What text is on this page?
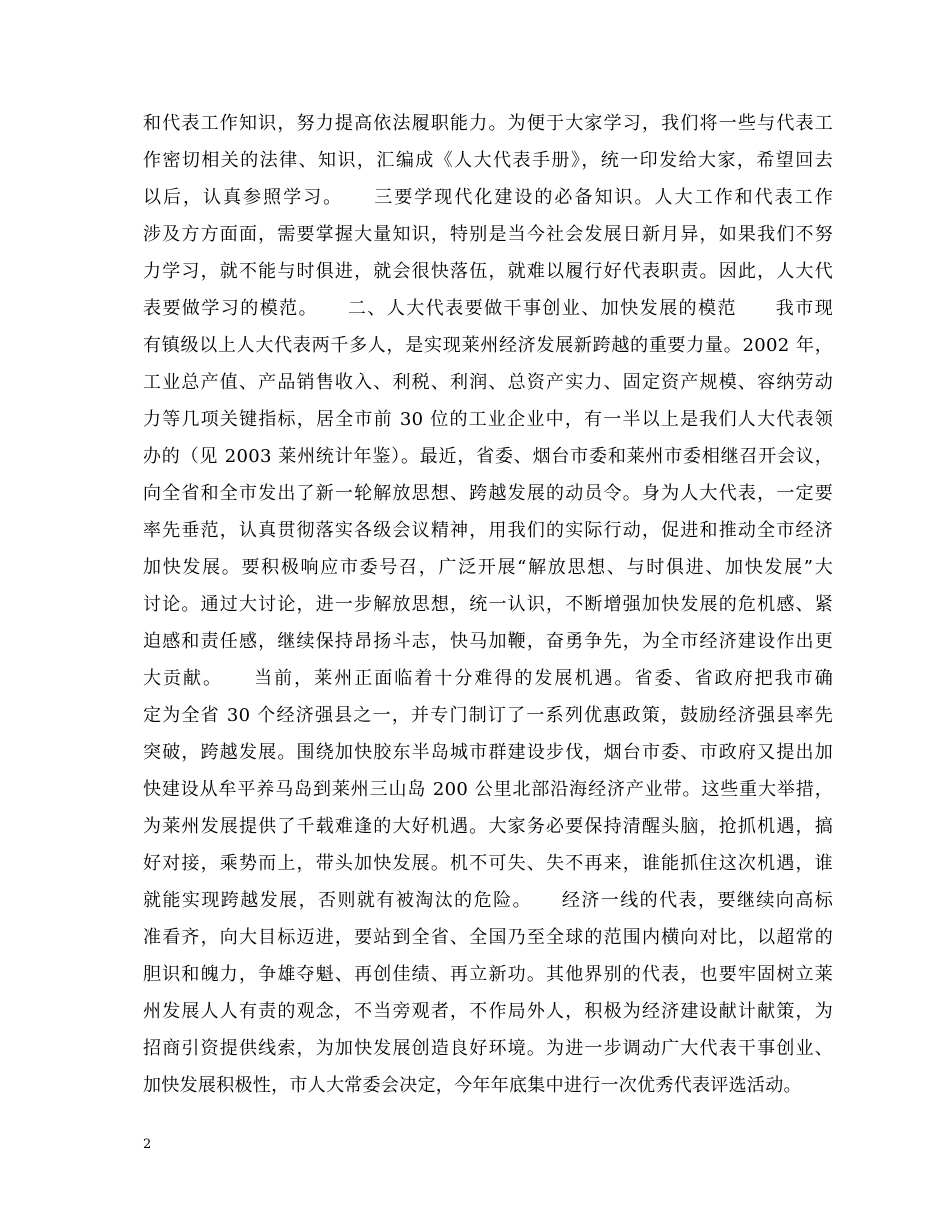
和代表工作知识，努力提高依法履职能力。为便于大家学习，我们将一些与代表工
作密切相关的法律、知识，汇编成《人大代表手册》，统一印发给大家，希望回去
以后，认真参照学习。　　三要学现代化建设的必备知识。人大工作和代表工作
涉及方方面面，需要掌握大量知识，特别是当今社会发展日新月异，如果我们不努
力学习，就不能与时俱进，就会很快落伍，就难以履行好代表职责。因此，人大代
表要做学习的模范。　　二、人大代表要做干事创业、加快发展的模范　　我市现
有镇级以上人大代表两千多人，是实现莱州经济发展新跨越的重要力量。2002 年，
工业总产值、产品销售收入、利税、利润、总资产实力、固定资产规模、容纳劳动
力等几项关键指标，居全市前 30 位的工业企业中，有一半以上是我们人大代表领
办的（见 2003 莱州统计年鉴）。最近，省委、烟台市委和莱州市委相继召开会议，
向全省和全市发出了新一轮解放思想、跨越发展的动员令。身为人大代表，一定要
率先垂范，认真贯彻落实各级会议精神，用我们的实际行动，促进和推动全市经济
加快发展。要积极响应市委号召，广泛开展“解放思想、与时俱进、加快发展”大
讨论。通过大讨论，进一步解放思想，统一认识，不断增强加快发展的危机感、紧
迫感和责任感，继续保持昂扬斗志，快马加鞭，奋勇争先，为全市经济建设作出更
大贡献。　　当前，莱州正面临着十分难得的发展机遇。省委、省政府把我市确
定为全省 30 个经济强县之一，并专门制订了一系列优惠政策，鼓励经济强县率先
突破，跨越发展。围绕加快胶东半岛城市群建设步伐，烟台市委、市政府又提出加
快建设从牟平养马岛到莱州三山岛 200 公里北部沿海经济产业带。这些重大举措，
为莱州发展提供了千载难逢的大好机遇。大家务必要保持清醒头脑，抢抓机遇，搞
好对接，乘势而上，带头加快发展。机不可失、失不再来，谁能抓住这次机遇，谁
就能实现跨越发展，否则就有被淘汰的危险。　　经济一线的代表，要继续向高标
准看齐，向大目标迈进，要站到全省、全国乃至全球的范围内横向对比，以超常的
胆识和魄力，争雄夺魁、再创佳绩、再立新功。其他界别的代表，也要牢固树立莱
州发展人人有责的观念，不当旁观者，不作局外人，积极为经济建设献计献策，为
招商引资提供线索，为加快发展创造良好环境。为进一步调动广大代表干事创业、
加快发展积极性，市人大常委会决定，今年年底集中进行一次优秀代表评选活动。
2
